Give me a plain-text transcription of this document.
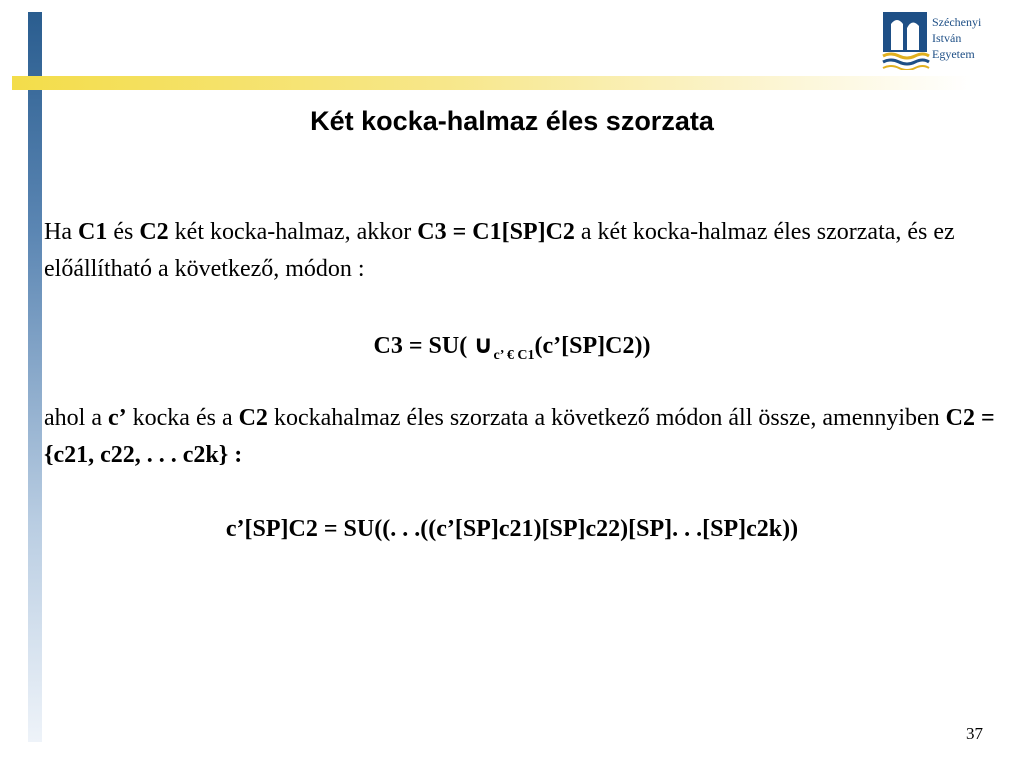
Széchenyi
István
Egyetem
Két kocka-halmaz éles szorzata
Ha C1 és C2 két kocka-halmaz, akkor C3 = C1[SP]C2 a két kocka-halmaz éles szorzata, és ez előállítható a következő, módon :
C3 = SU( $\cup_{c’ € C1}(c’[SP]C2)$)
ahol a c’ kocka és a C2 kockahalmaz éles szorzata a következő módon áll össze, amennyiben C2 = {c21, c22, . . . c2k} :
c’[SP]C2 = SU((. . .((c’[SP]c21)[SP]c22)[SP]. . .[SP]c2k))
37
